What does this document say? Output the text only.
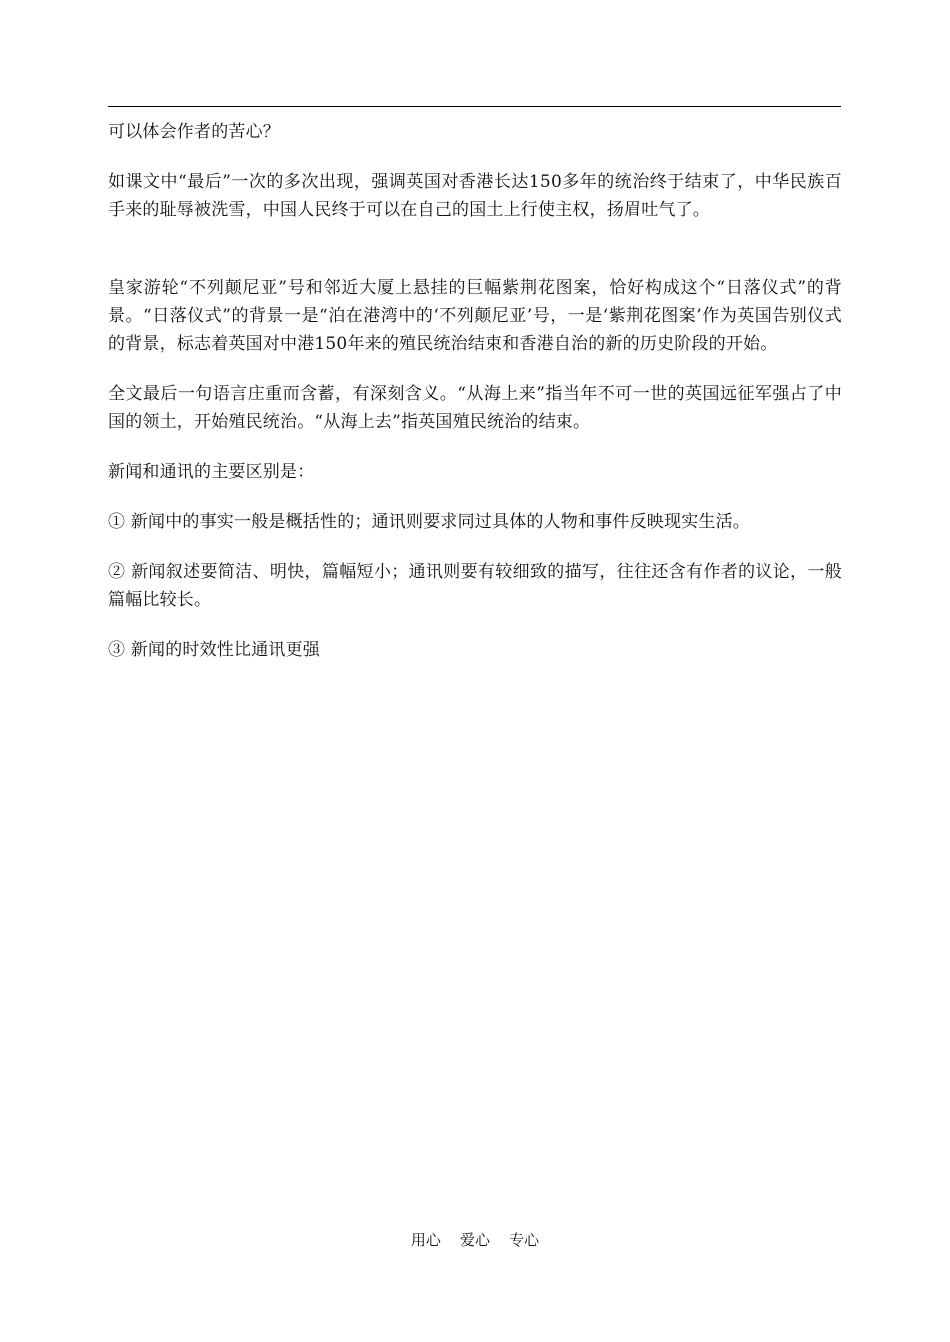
可以体会作者的苦心？

如课文中“最后”一次的多次出现，强调英国对香港长达150多年的统治终于结束了，中华民族百手来的耻辱被洗雪，中国人民终于可以在自己的国土上行使主权，扬眉吐气了。

皇家游轮“不列颠尼亚”号和邻近大厦上悬挂的巨幅紫荆花图案，恰好构成这个“日落仪式”的背景。“日落仪式”的背景一是“泊在港湾中的‘不列颠尼亚’号，一是‘紫荆花图案’作为英国告别仪式的背景，标志着英国对中港150年来的殖民统治结束和香港自治的新的历史阶段的开始。

全文最后一句语言庄重而含蓄，有深刻含义。“从海上来”指当年不可一世的英国远征军强占了中国的领土，开始殖民统治。“从海上去”指英国殖民统治的结束。

新闻和通讯的主要区别是：

① 新闻中的事实一般是概括性的；通讯则要求同过具体的人物和事件反映现实生活。

② 新闻叙述要简洁、明快，篇幅短小；通讯则要有较细致的描写，往往还含有作者的议论，一般篇幅比较长。

③ 新闻的时效性比通讯更强

用心    爱心    专心
